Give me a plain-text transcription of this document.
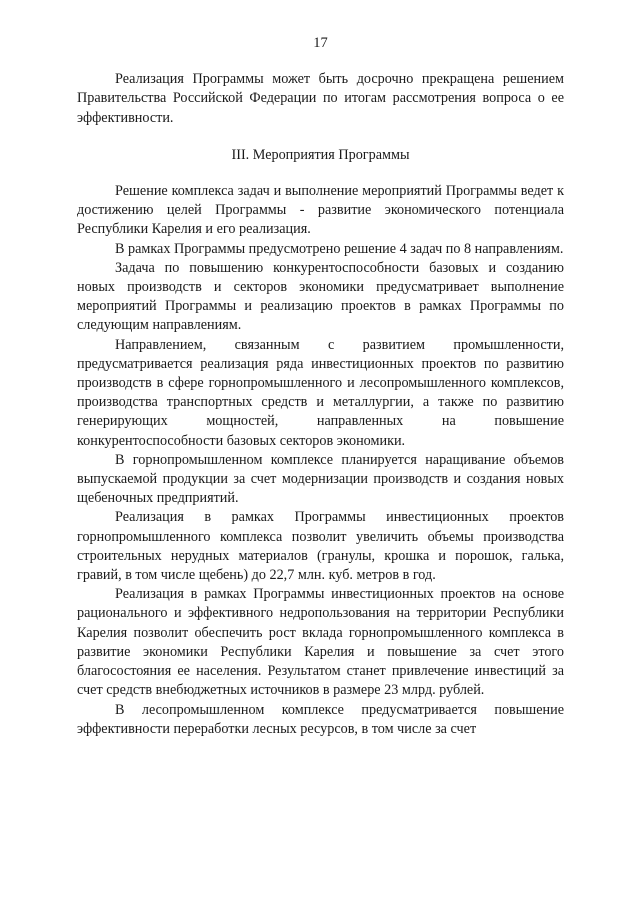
17

Реализация Программы может быть досрочно прекращена решением Правительства Российской Федерации по итогам рассмотрения вопроса о ее эффективности.

III. Мероприятия Программы

Решение комплекса задач и выполнение мероприятий Программы ведет к достижению целей Программы - развитие экономического потенциала Республики Карелия и его реализация.

В рамках Программы предусмотрено решение 4 задач по 8 направлениям.

Задача по повышению конкурентоспособности базовых и созданию новых производств и секторов экономики предусматривает выполнение мероприятий Программы и реализацию проектов в рамках Программы по следующим направлениям.

Направлением, связанным с развитием промышленности, предусматривается реализация ряда инвестиционных проектов по развитию производств в сфере горнопромышленного и лесопромышленного комплексов, производства транспортных средств и металлургии, а также по развитию генерирующих мощностей, направленных на повышение конкурентоспособности базовых секторов экономики.

В горнопромышленном комплексе планируется наращивание объемов выпускаемой продукции за счет модернизации производств и создания новых щебеночных предприятий.

Реализация в рамках Программы инвестиционных проектов горнопромышленного комплекса позволит увеличить объемы производства строительных нерудных материалов (гранулы, крошка и порошок, галька, гравий, в том числе щебень) до 22,7 млн. куб. метров в год.

Реализация в рамках Программы инвестиционных проектов на основе рационального и эффективного недропользования на территории Республики Карелия позволит обеспечить рост вклада горнопромышленного комплекса в развитие экономики Республики Карелия и повышение за счет этого благосостояния ее населения. Результатом станет привлечение инвестиций за счет средств внебюджетных источников в размере 23 млрд. рублей.

В лесопромышленном комплексе предусматривается повышение эффективности переработки лесных ресурсов, в том числе за счет
